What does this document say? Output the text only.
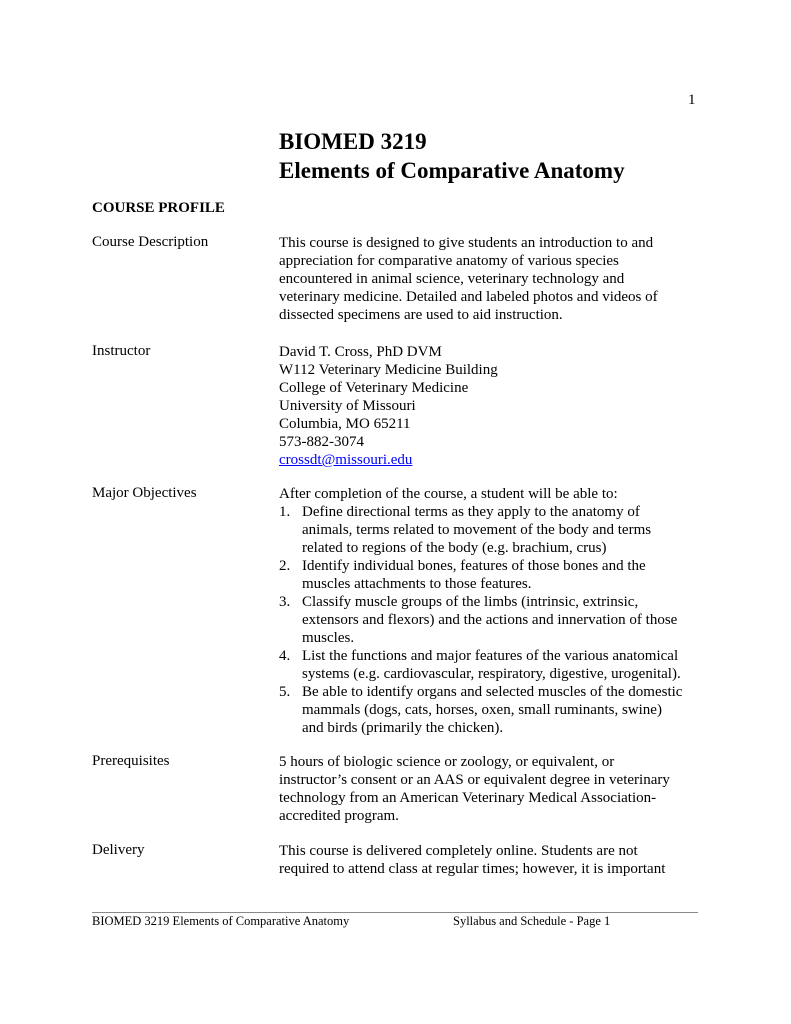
1
BIOMED 3219
Elements of Comparative Anatomy
COURSE PROFILE
Course Description	This course is designed to give students an introduction to and
appreciation for comparative anatomy of various species
encountered in animal science, veterinary technology and
veterinary medicine. Detailed and labeled photos and videos of
dissected specimens are used to aid instruction.
Instructor	David T. Cross, PhD DVM
W112 Veterinary Medicine Building
College of Veterinary Medicine
University of Missouri
Columbia, MO 65211
573-882-3074
crossdt@missouri.edu
Major Objectives	After completion of the course, a student will be able to:
1. Define directional terms as they apply to the anatomy of
animals, terms related to movement of the body and terms
related to regions of the body (e.g. brachium, crus)
2. Identify individual bones, features of those bones and the
muscles attachments to those features.
3. Classify muscle groups of the limbs (intrinsic, extrinsic,
extensors and flexors) and the actions and innervation of those
muscles.
4. List the functions and major features of the various anatomical
systems (e.g. cardiovascular, respiratory, digestive, urogenital).
5. Be able to identify organs and selected muscles of the domestic
mammals (dogs, cats, horses, oxen, small ruminants, swine)
and birds (primarily the chicken).
Prerequisites	5 hours of biologic science or zoology, or equivalent, or
instructor’s consent or an AAS or equivalent degree in veterinary
technology from an American Veterinary Medical Association-
accredited program.
Delivery	This course is delivered completely online. Students are not
required to attend class at regular times; however, it is important
BIOMED 3219 Elements of Comparative Anatomy	Syllabus and Schedule - Page 1
